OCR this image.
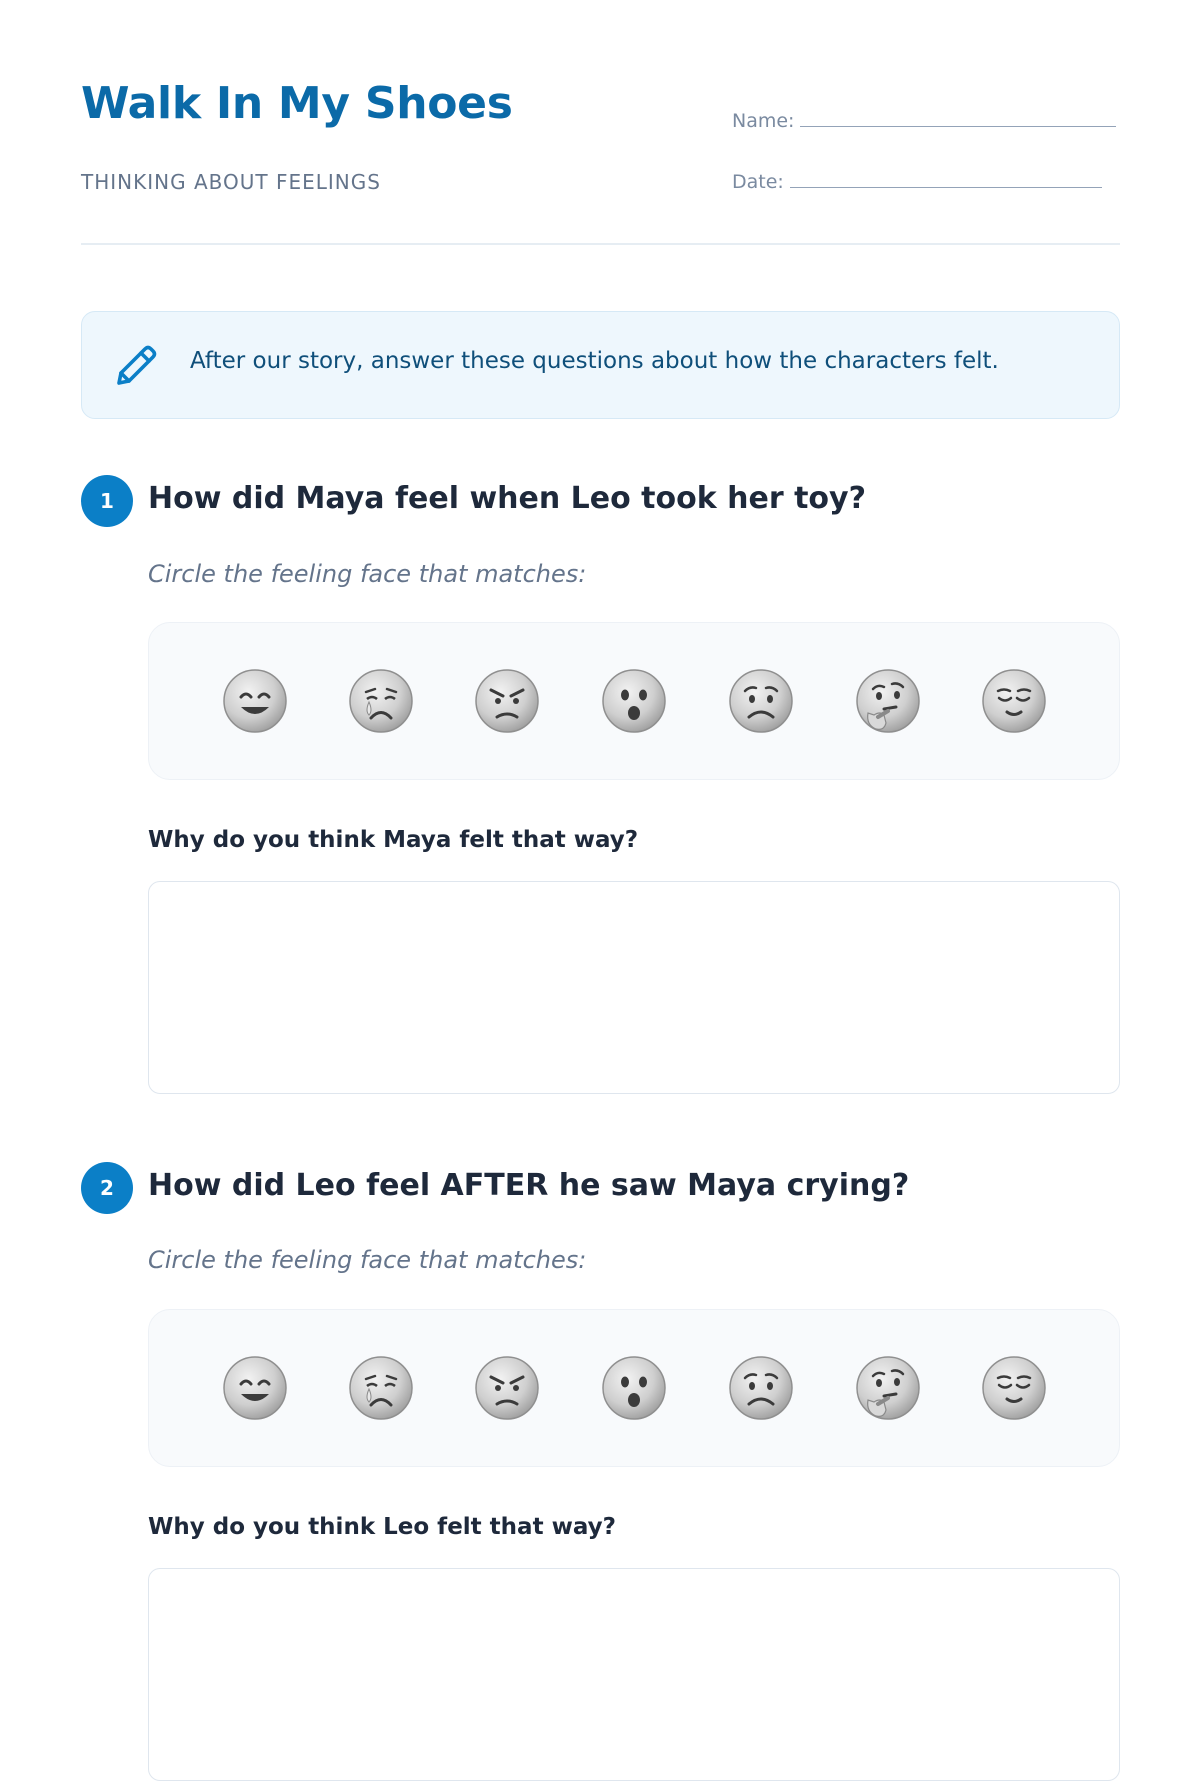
Walk In My Shoes

THINKING ABOUT FEELINGS

Name:
Date:
After our story, answer these questions about how the characters felt.
1	How did Maya feel when Leo took her toy?
Circle the feeling face that matches:
Why do you think Maya felt that way?
2	How did Leo feel AFTER he saw Maya crying?
Circle the feeling face that matches:
Why do you think Leo felt that way?
